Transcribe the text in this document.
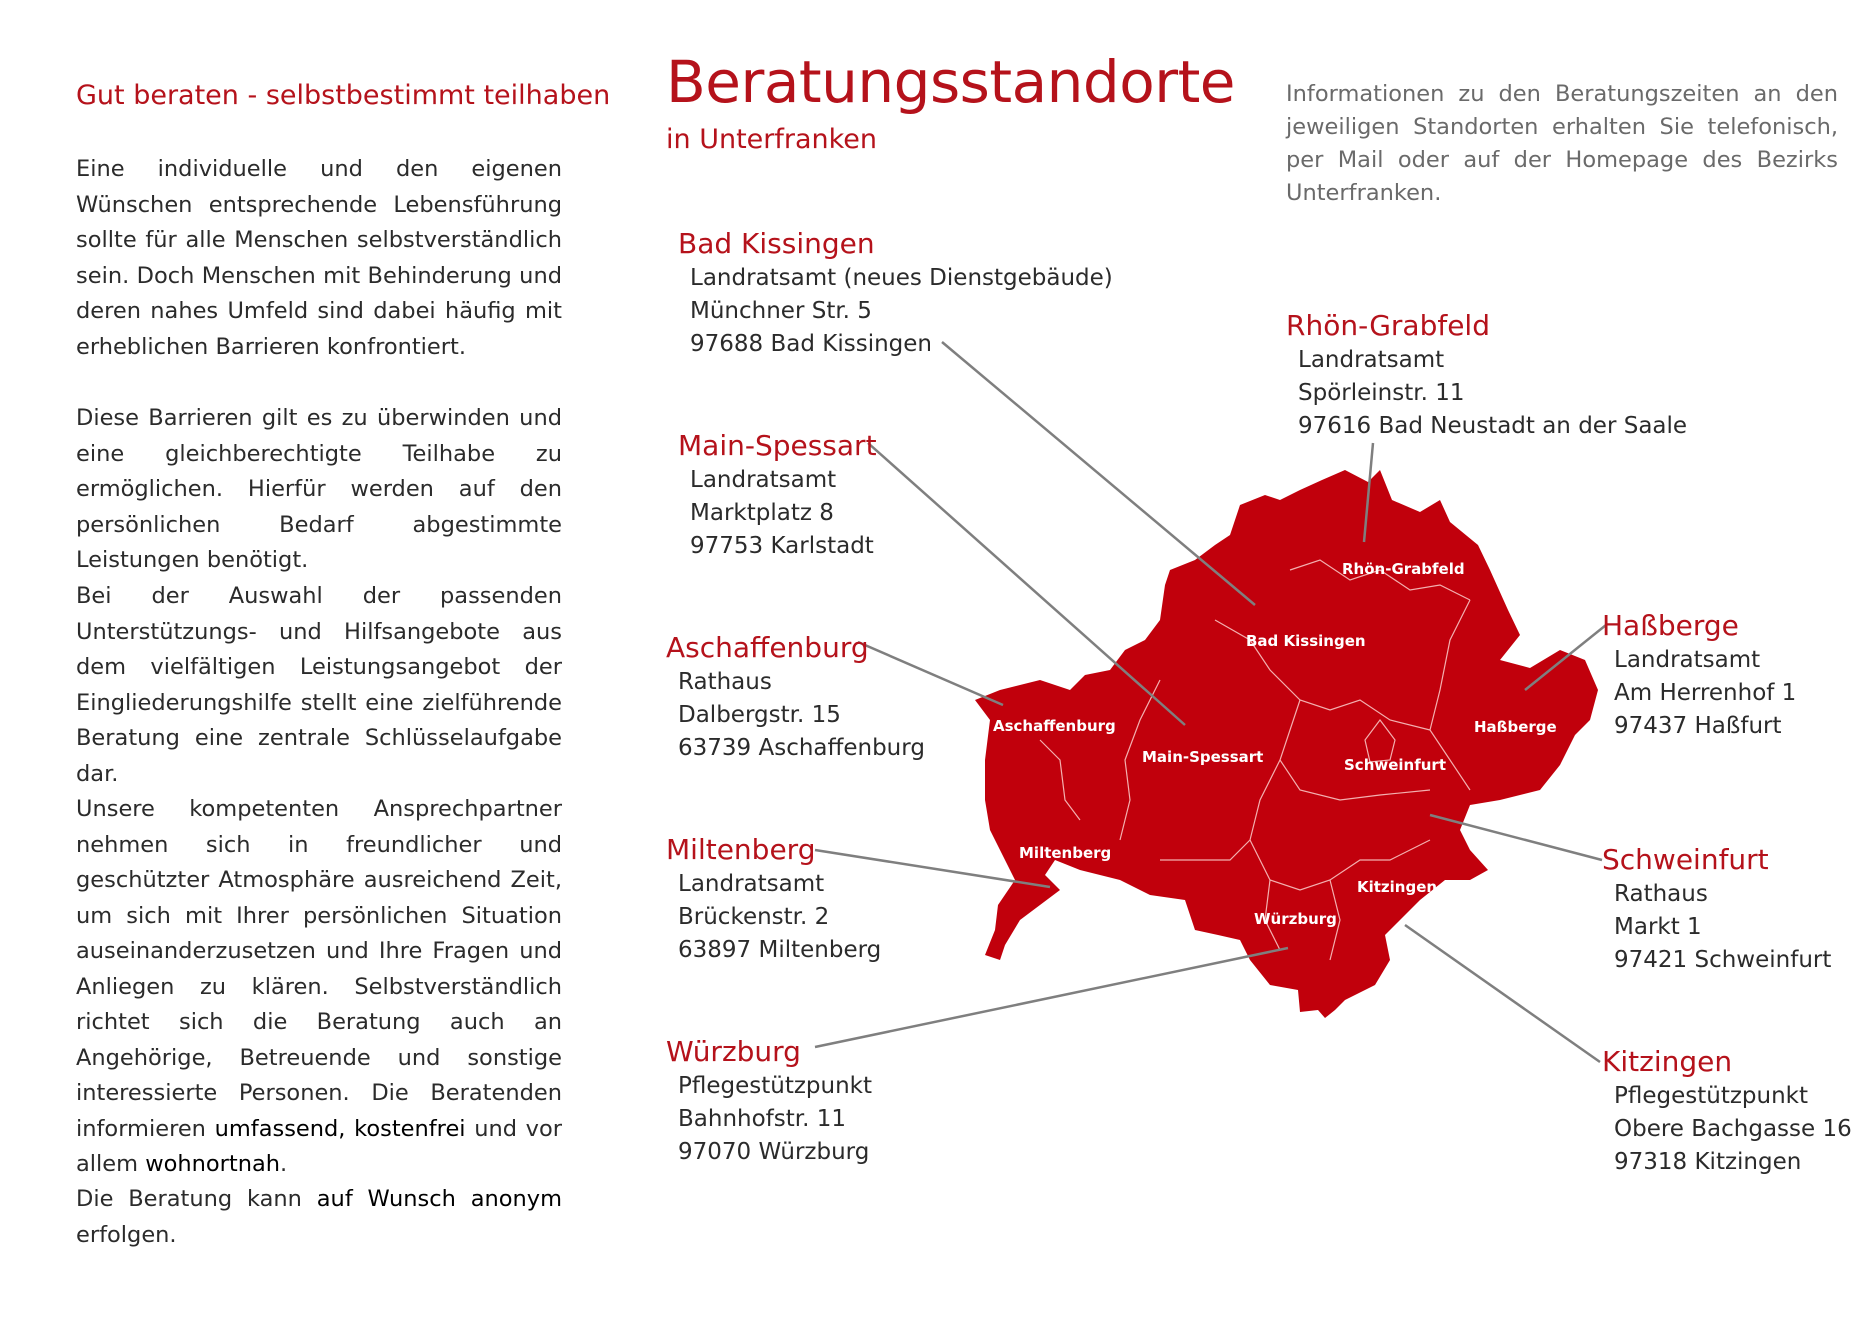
Rhön-Grabfeld
Bad Kissingen
Haßberge
Aschaffenburg
Main-Spessart	Schweinfurt
Miltenberg
Kitzingen
Würzburg
Gut beraten - selbstbestimmt teilhaben
Eine individuelle und den eigenen Wünschen entsprechende Lebensführung sollte für alle Menschen selbstverständlich sein. Doch Menschen mit Behinderung und deren nahes Umfeld sind dabei häufig mit erheblichen Barrieren konfrontiert.
Diese Barrieren gilt es zu überwinden und eine gleichberechtigte Teilhabe zu ermöglichen. Hierfür werden auf den persönlichen Bedarf abgestimmte Leistungen benötigt.
Bei der Auswahl der passenden Unterstützungs- und Hilfsangebote aus dem vielfältigen Leistungsangebot der Eingliederungshilfe stellt eine zielführende Beratung eine zentrale Schlüsselaufgabe dar.
Unsere kompetenten Ansprechpartner nehmen sich in freundlicher und geschützter Atmosphäre ausreichend Zeit, um sich mit Ihrer persönlichen Situation auseinanderzusetzen und Ihre Fragen und Anliegen zu klären. Selbstverständlich richtet sich die Beratung auch an Angehörige, Betreuende und sonstige interessierte Personen. Die Beratenden informieren umfassend, kostenfrei und vor allem wohnortnah.
Die Beratung kann auf Wunsch anonym erfolgen.
Beratungsstandorte
in Unterfranken
Informationen zu den Beratungszeiten an den jeweiligen Standorten erhalten Sie telefonisch, per Mail oder auf der Homepage des Bezirks Unterfranken.
Bad Kissingen
Landratsamt (neues Dienstgebäude)
Münchner Str. 5
97688 Bad Kissingen
Main-Spessart
Landratsamt
Marktplatz 8
97753 Karlstadt
Aschaffenburg
Rathaus
Dalbergstr. 15
63739 Aschaffenburg
Miltenberg
Landratsamt
Brückenstr. 2
63897 Miltenberg
Würzburg
Pflegestützpunkt
Bahnhofstr. 11
97070 Würzburg
Rhön-Grabfeld
Landratsamt
Spörleinstr. 11
97616 Bad Neustadt an der Saale
Haßberge
Landratsamt
Am Herrenhof 1
97437 Haßfurt
Schweinfurt
Rathaus
Markt 1
97421 Schweinfurt
Kitzingen
Pflegestützpunkt
Obere Bachgasse 16
97318 Kitzingen
